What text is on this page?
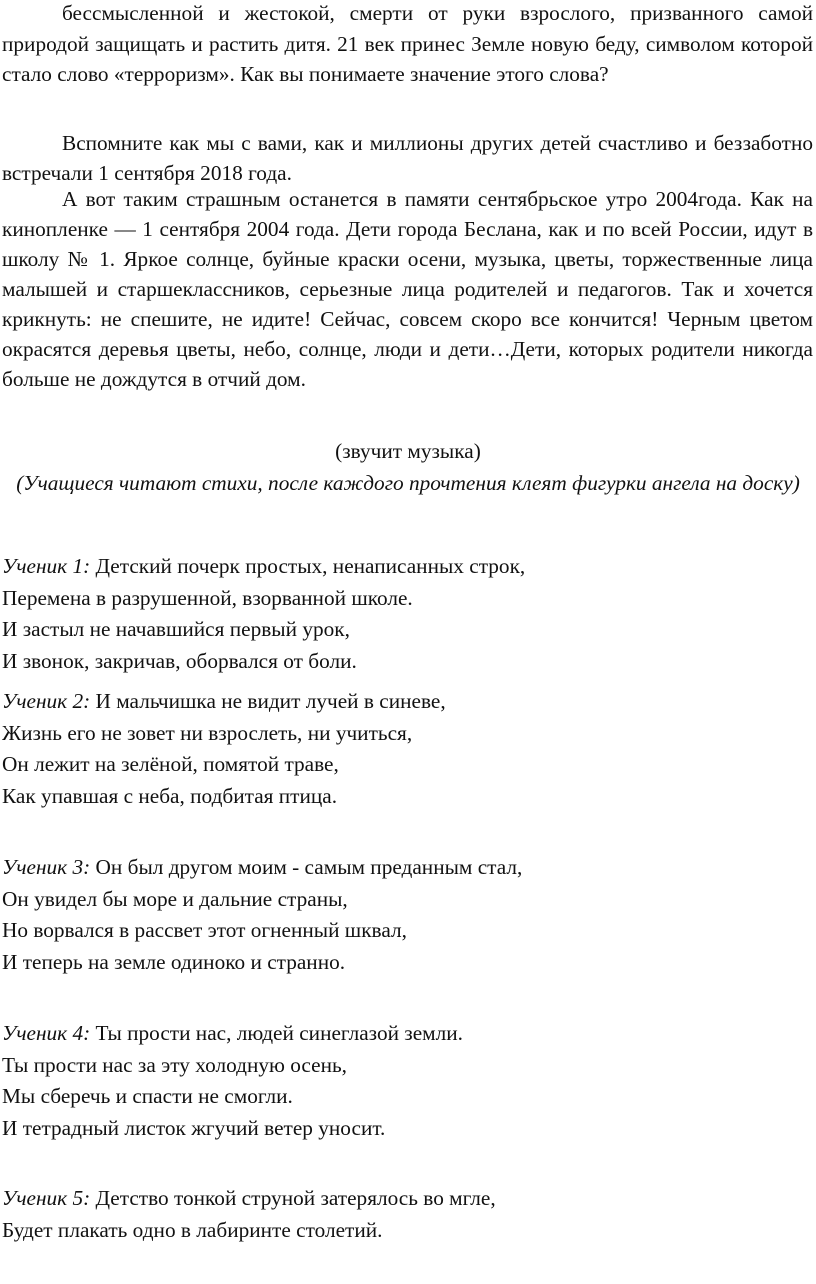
бессмысленной и жестокой, смерти от руки взрослого, призванного самой природой защищать и растить дитя. 21 век принес Земле новую беду, символом которой стало слово «терроризм». Как вы понимаете значение этого слова?

Вспомните как мы с вами, как и миллионы других детей счастливо и беззаботно встречали 1 сентября 2018 года.

А вот таким страшным останется в памяти сентябрьское утро 2004года. Как на кинопленке — 1 сентября 2004 года. Дети города Беслана, как и по всей России, идут в школу № 1. Яркое солнце, буйные краски осени, музыка, цветы, торжественные лица малышей и старшеклассников, серьезные лица родителей и педагогов. Так и хочется крикнуть: не спешите, не идите! Сейчас, совсем скоро все кончится! Черным цветом окрасятся деревья цветы, небо, солнце, люди и дети…Дети, которых родители никогда больше не дождутся в отчий дом.

(звучит музыка)
(Учащиеся читают стихи, после каждого прочтения клеят фигурки ангела на доску)
Ученик 1: Детский почерк простых, ненаписанных строк,
Перемена в разрушенной, взорванной школе.
И застыл не начавшийся первый урок,
И звонок, закричав, оборвался от боли.
Ученик 2: И мальчишка не видит лучей в синеве,
Жизнь его не зовет ни взрослеть, ни учиться,
Он лежит на зелёной, помятой траве,
Как упавшая с неба, подбитая птица.
Ученик 3: Он был другом моим - самым преданным стал,
Он увидел бы море и дальние страны,
Но ворвался в рассвет этот огненный шквал,
И теперь на земле одиноко и странно.
Ученик 4: Ты прости нас, людей синеглазой земли.
Ты прости нас за эту холодную осень,
Мы сберечь и спасти не смогли.
И тетрадный листок жгучий ветер уносит.
Ученик 5: Детство тонкой струной затерялось во мгле,
Будет плакать одно в лабиринте столетий.
